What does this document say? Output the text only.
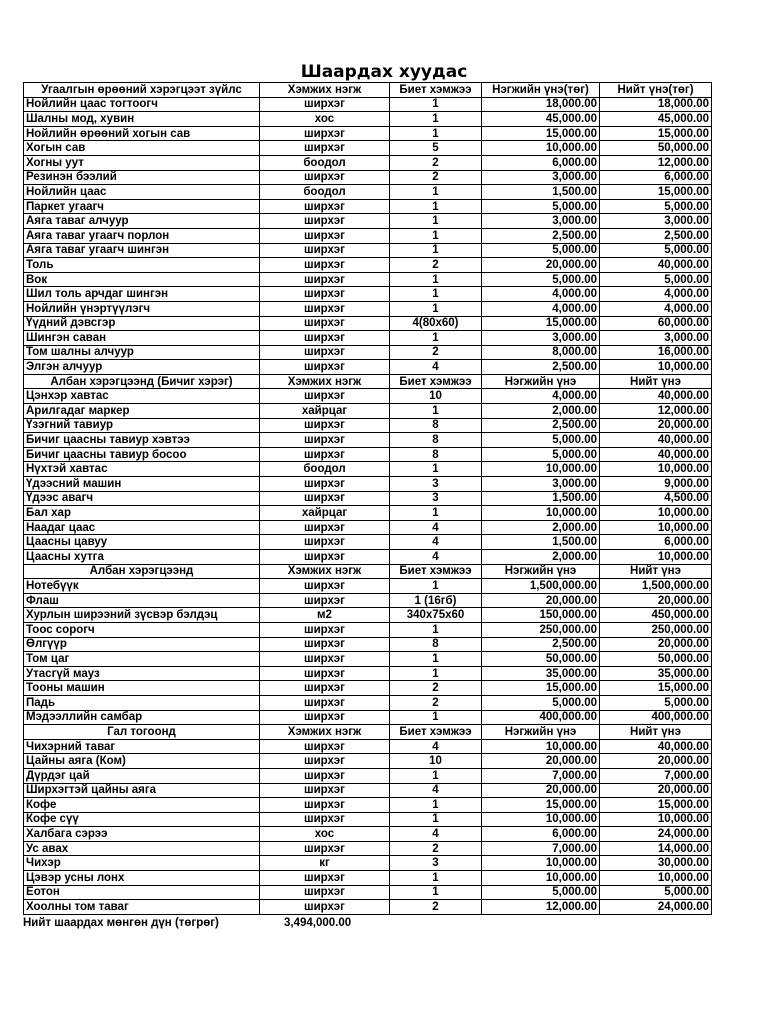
Шаардах хуудас
Угаалгын өрөөний хэрэгцээт зүйлс	Хэмжих нэгж	Биет хэмжээ	Нэгжийн үнэ(төг)	Нийт үнэ(төг)
Нойлийн цаас тогтоогч	ширхэг	1	18,000.00	18,000.00
Шалны мод, хувин	хос	1	45,000.00	45,000.00
Нойлийн өрөөний хогын сав	ширхэг	1	15,000.00	15,000.00
Хогын сав	ширхэг	5	10,000.00	50,000.00
Хогны уут	боодол	2	6,000.00	12,000.00
Резинэн бээлий	ширхэг	2	3,000.00	6,000.00
Нойлийн цаас	боодол	1	1,500.00	15,000.00
Паркет угаагч	ширхэг	1	5,000.00	5,000.00
Аяга таваг алчуур	ширхэг	1	3,000.00	3,000.00
Аяга таваг угаагч порлон	ширхэг	1	2,500.00	2,500.00
Аяга таваг угаагч шингэн	ширхэг	1	5,000.00	5,000.00
Толь	ширхэг	2	20,000.00	40,000.00
Вок	ширхэг	1	5,000.00	5,000.00
Шил толь арчдаг шингэн	ширхэг	1	4,000.00	4,000.00
Нойлийн үнэртүүлэгч	ширхэг	1	4,000.00	4,000.00
Үүдний дэвсгэр	ширхэг	4(80x60)	15,000.00	60,000.00
Шингэн саван	ширхэг	1	3,000.00	3,000.00
Том шалны алчуур	ширхэг	2	8,000.00	16,000.00
Элгэн алчуур	ширхэг	4	2,500.00	10,000.00
Албан хэрэгцээнд (Бичиг хэрэг)	Хэмжих нэгж	Биет хэмжээ	Нэгжийн үнэ	Нийт үнэ
Цэнхэр хавтас	ширхэг	10	4,000.00	40,000.00
Арилгадаг маркер	хайрцаг	1	2,000.00	12,000.00
Үзэгний тавиур	ширхэг	8	2,500.00	20,000.00
Бичиг цаасны тавиур хэвтээ	ширхэг	8	5,000.00	40,000.00
Бичиг цаасны тавиур босоо	ширхэг	8	5,000.00	40,000.00
Нүхтэй хавтас	боодол	1	10,000.00	10,000.00
Үдээсний машин	ширхэг	3	3,000.00	9,000.00
Үдээс авагч	ширхэг	3	1,500.00	4,500.00
Бал хар	хайрцаг	1	10,000.00	10,000.00
Наадаг цаас	ширхэг	4	2,000.00	10,000.00
Цаасны цавуу	ширхэг	4	1,500.00	6,000.00
Цаасны хутга	ширхэг	4	2,000.00	10,000.00
Албан хэрэгцээнд	Хэмжих нэгж	Биет хэмжээ	Нэгжийн үнэ	Нийт үнэ
Нотебүүк	ширхэг	1	1,500,000.00	1,500,000.00
Флаш	ширхэг	1 (16гб)	20,000.00	20,000.00
Хурлын ширээний зүсвэр бэлдэц	м2	340x75x60	150,000.00	450,000.00
Тоос сорогч	ширхэг	1	250,000.00	250,000.00
Өлгүүр	ширхэг	8	2,500.00	20,000.00
Том цаг	ширхэг	1	50,000.00	50,000.00
Утасгүй мауз	ширхэг	1	35,000.00	35,000.00
Тооны машин	ширхэг	2	15,000.00	15,000.00
Падь	ширхэг	2	5,000.00	5,000.00
Мэдээллийн самбар	ширхэг	1	400,000.00	400,000.00
Гал тогоонд	Хэмжих нэгж	Биет хэмжээ	Нэгжийн үнэ	Нийт үнэ
Чихэрний таваг	ширхэг	4	10,000.00	40,000.00
Цайны аяга (Ком)	ширхэг	10	20,000.00	20,000.00
Дүрдэг цай	ширхэг	1	7,000.00	7,000.00
Ширхэгтэй цайны аяга	ширхэг	4	20,000.00	20,000.00
Кофе	ширхэг	1	15,000.00	15,000.00
Кофе сүү	ширхэг	1	10,000.00	10,000.00
Халбага сэрээ	хос	4	6,000.00	24,000.00
Ус авах	ширхэг	2	7,000.00	14,000.00
Чихэр	кг	3	10,000.00	30,000.00
Цэвэр усны лонх	ширхэг	1	10,000.00	10,000.00
Ёотон	ширхэг	1	5,000.00	5,000.00
Хоолны том таваг	ширхэг	2	12,000.00	24,000.00
Нийт шаардах мөнгөн дүн (төгрөг)	3,494,000.00
